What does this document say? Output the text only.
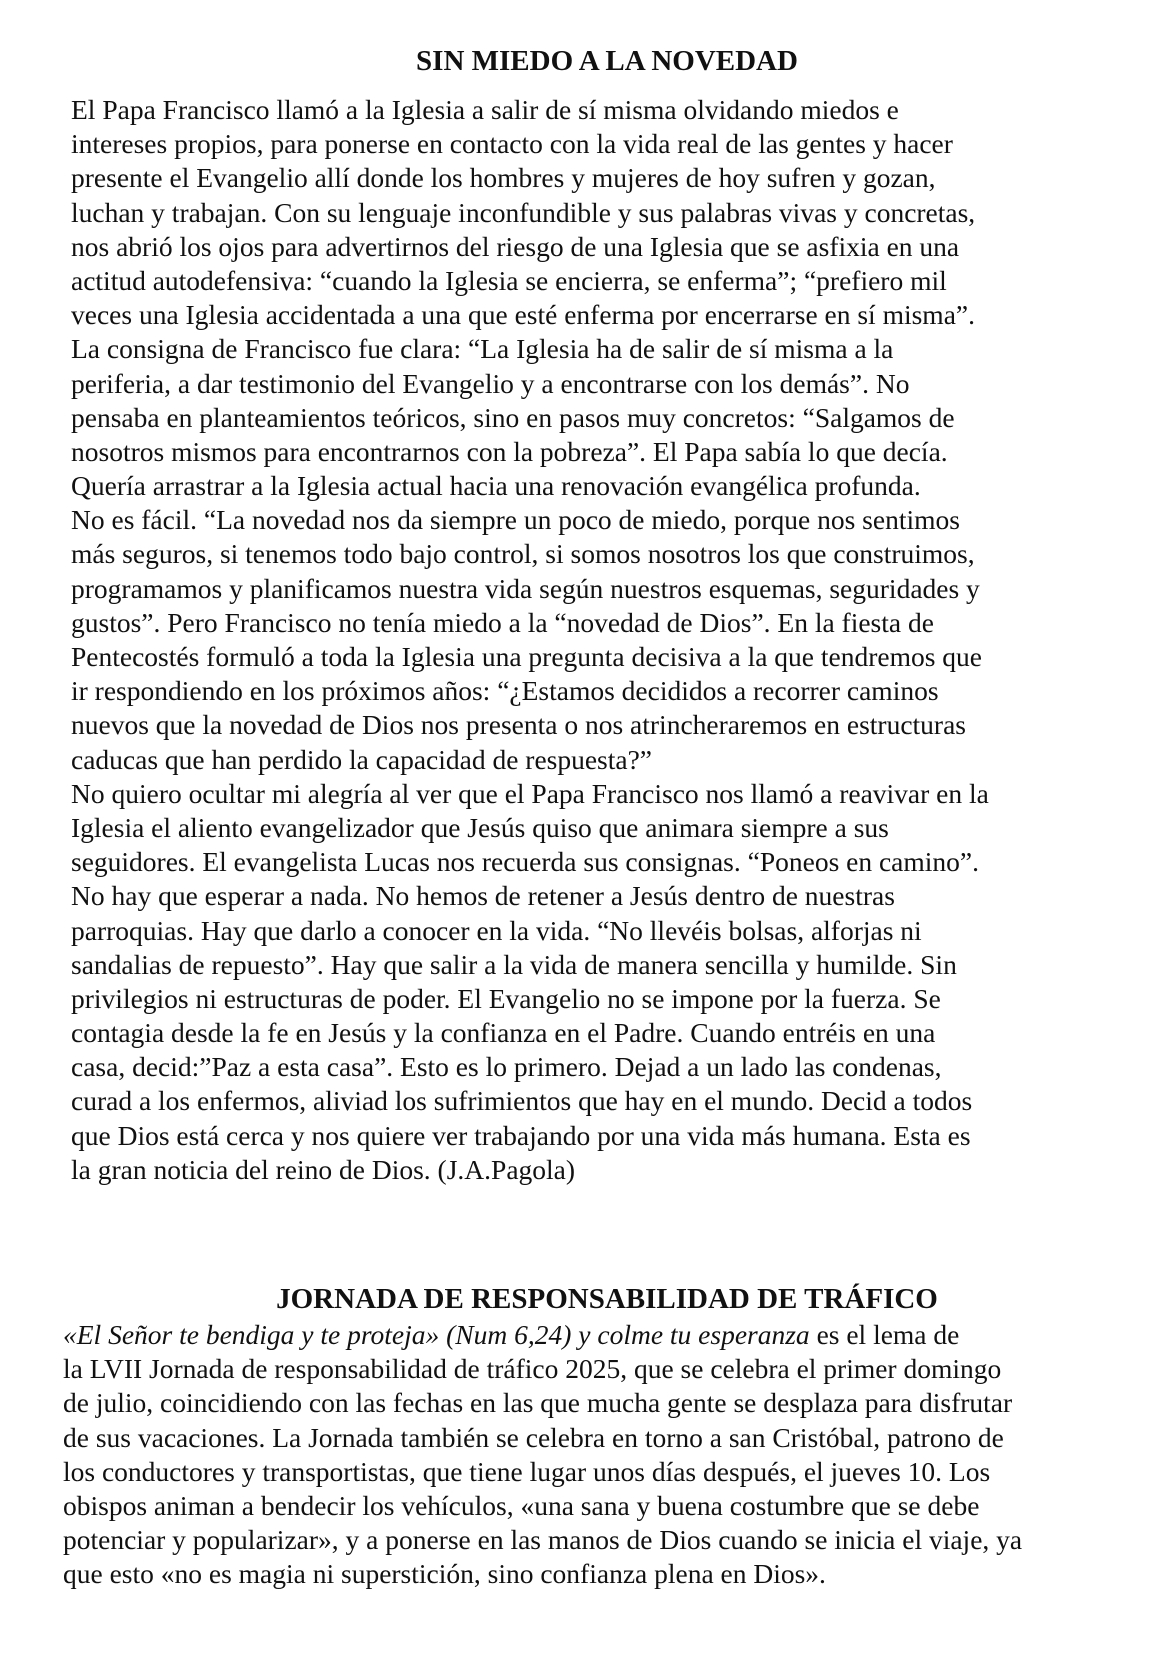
SIN MIEDO A LA NOVEDAD
El Papa Francisco llamó a la Iglesia a salir de sí misma olvidando miedos e
intereses propios, para ponerse en contacto con la vida real de las gentes y hacer
presente el Evangelio allí donde los hombres y mujeres de hoy sufren y gozan,
luchan y trabajan. Con su lenguaje inconfundible y sus palabras vivas y concretas,
nos abrió los ojos para advertirnos del riesgo de una Iglesia que se asfixia en una
actitud autodefensiva: “cuando la Iglesia se encierra, se enferma”; “prefiero mil
veces una Iglesia accidentada a una que esté enferma por encerrarse en sí misma”.
La consigna de Francisco fue clara: “La Iglesia ha de salir de sí misma a la
periferia, a dar testimonio del Evangelio y a encontrarse con los demás”. No
pensaba en planteamientos teóricos, sino en pasos muy concretos: “Salgamos de
nosotros mismos para encontrarnos con la pobreza”. El Papa sabía lo que decía.
Quería arrastrar a la Iglesia actual hacia una renovación evangélica profunda.
No es fácil. “La novedad nos da siempre un poco de miedo, porque nos sentimos
más seguros, si tenemos todo bajo control, si somos nosotros los que construimos,
programamos y planificamos nuestra vida según nuestros esquemas, seguridades y
gustos”. Pero Francisco no tenía miedo a la “novedad de Dios”. En la fiesta de
Pentecostés formuló a toda la Iglesia una pregunta decisiva a la que tendremos que
ir respondiendo en los próximos años: “¿Estamos decididos a recorrer caminos
nuevos que la novedad de Dios nos presenta o nos atrincheraremos en estructuras
caducas que han perdido la capacidad de respuesta?”
No quiero ocultar mi alegría al ver que el Papa Francisco nos llamó a reavivar en la
Iglesia el aliento evangelizador que Jesús quiso que animara siempre a sus
seguidores. El evangelista Lucas nos recuerda sus consignas. “Poneos en camino”.
No hay que esperar a nada. No hemos de retener a Jesús dentro de nuestras
parroquias. Hay que darlo a conocer en la vida. “No llevéis bolsas, alforjas ni
sandalias de repuesto”. Hay que salir a la vida de manera sencilla y humilde. Sin
privilegios ni estructuras de poder. El Evangelio no se impone por la fuerza. Se
contagia desde la fe en Jesús y la confianza en el Padre. Cuando entréis en una
casa, decid:”Paz a esta casa”. Esto es lo primero. Dejad a un lado las condenas,
curad a los enfermos, aliviad los sufrimientos que hay en el mundo. Decid a todos
que Dios está cerca y nos quiere ver trabajando por una vida más humana. Esta es
la gran noticia del reino de Dios. (J.A.Pagola)
JORNADA DE RESPONSABILIDAD DE TRÁFICO
«El Señor te bendiga y te proteja» (Num 6,24) y colme tu esperanza es el lema de
la LVII Jornada de responsabilidad de tráfico 2025, que se celebra el primer domingo
de julio, coincidiendo con las fechas en las que mucha gente se desplaza para disfrutar
de sus vacaciones. La Jornada también se celebra en torno a san Cristóbal, patrono de
los conductores y transportistas, que tiene lugar unos días después, el jueves 10. Los
obispos animan a bendecir los vehículos, «una sana y buena costumbre que se debe
potenciar y popularizar», y a ponerse en las manos de Dios cuando se inicia el viaje, ya
que esto «no es magia ni superstición, sino confianza plena en Dios».
